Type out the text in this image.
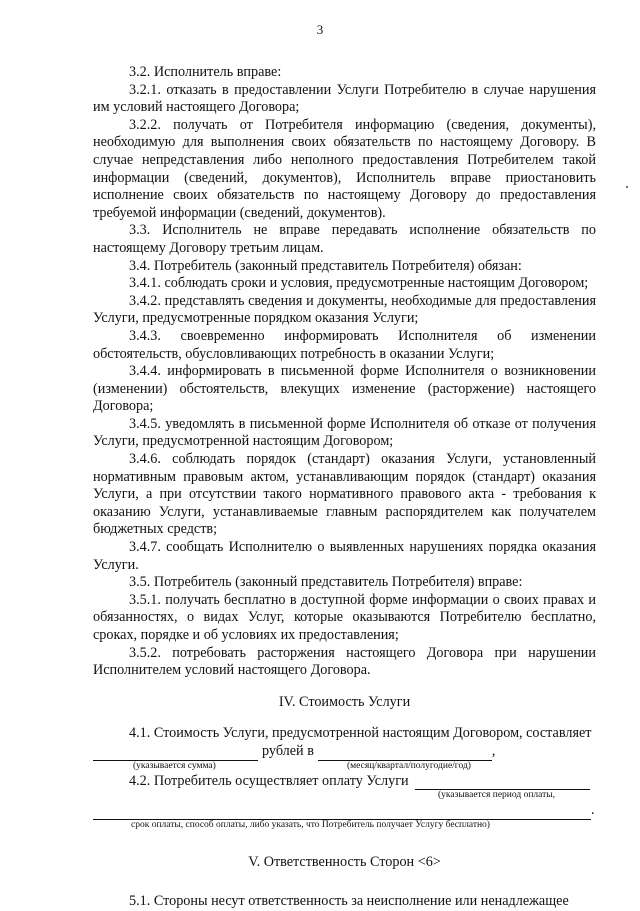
3

3.2. Исполнитель вправе:

3.2.1. отказать в предоставлении Услуги Потребителю в случае нарушения им условий настоящего Договора;

3.2.2. получать от Потребителя информацию (сведения, документы), необходимую для выполнения своих обязательств по настоящему Договору. В случае непредставления либо неполного предоставления Потребителем такой информации (сведений, документов), Исполнитель вправе приостановить исполнение своих обязательств по настоящему Договору до предоставления требуемой информации (сведений, документов).

3.3. Исполнитель не вправе передавать исполнение обязательств по настоящему Договору третьим лицам.

3.4. Потребитель (законный представитель Потребителя) обязан:

3.4.1. соблюдать сроки и условия, предусмотренные настоящим Договором;

3.4.2. представлять сведения и документы, необходимые для предоставления Услуги, предусмотренные порядком оказания Услуги;

3.4.3. своевременно информировать Исполнителя об изменении обстоятельств, обусловливающих потребность в оказании Услуги;

3.4.4. информировать в письменной форме Исполнителя о возникновении (изменении) обстоятельств, влекущих изменение (расторжение) настоящего Договора;

3.4.5. уведомлять в письменной форме Исполнителя об отказе от получения Услуги, предусмотренной настоящим Договором;

3.4.6. соблюдать порядок (стандарт) оказания Услуги, установленный нормативным правовым актом, устанавливающим порядок (стандарт) оказания Услуги, а при отсутствии такого нормативного правового акта - требования к оказанию Услуги, устанавливаемые главным распорядителем как получателем бюджетных средств;

3.4.7. сообщать Исполнителю о выявленных нарушениях порядка оказания Услуги.

3.5. Потребитель (законный представитель Потребителя) вправе:

3.5.1. получать бесплатно в доступной форме информации о своих правах и обязанностях, о видах Услуг, которые оказываются Потребителю бесплатно, сроках, порядке и об условиях их предоставления;

3.5.2. потребовать расторжения настоящего Договора при нарушении Исполнителем условий настоящего Договора.

IV. Стоимость Услуги

4.1. Стоимость Услуги, предусмотренной настоящим Договором, составляет

рублей в	,
(указывается сумма)	(месяц/квартал/полугодие/год)
4.2. Потребитель осуществляет оплату Услуги
(указывается период оплаты,
.
срок оплаты, способ оплаты, либо указать, что Потребитель получает Услугу бесплатно)

V. Ответственность Сторон <6>

5.1. Стороны несут ответственность за неисполнение или ненадлежащее
